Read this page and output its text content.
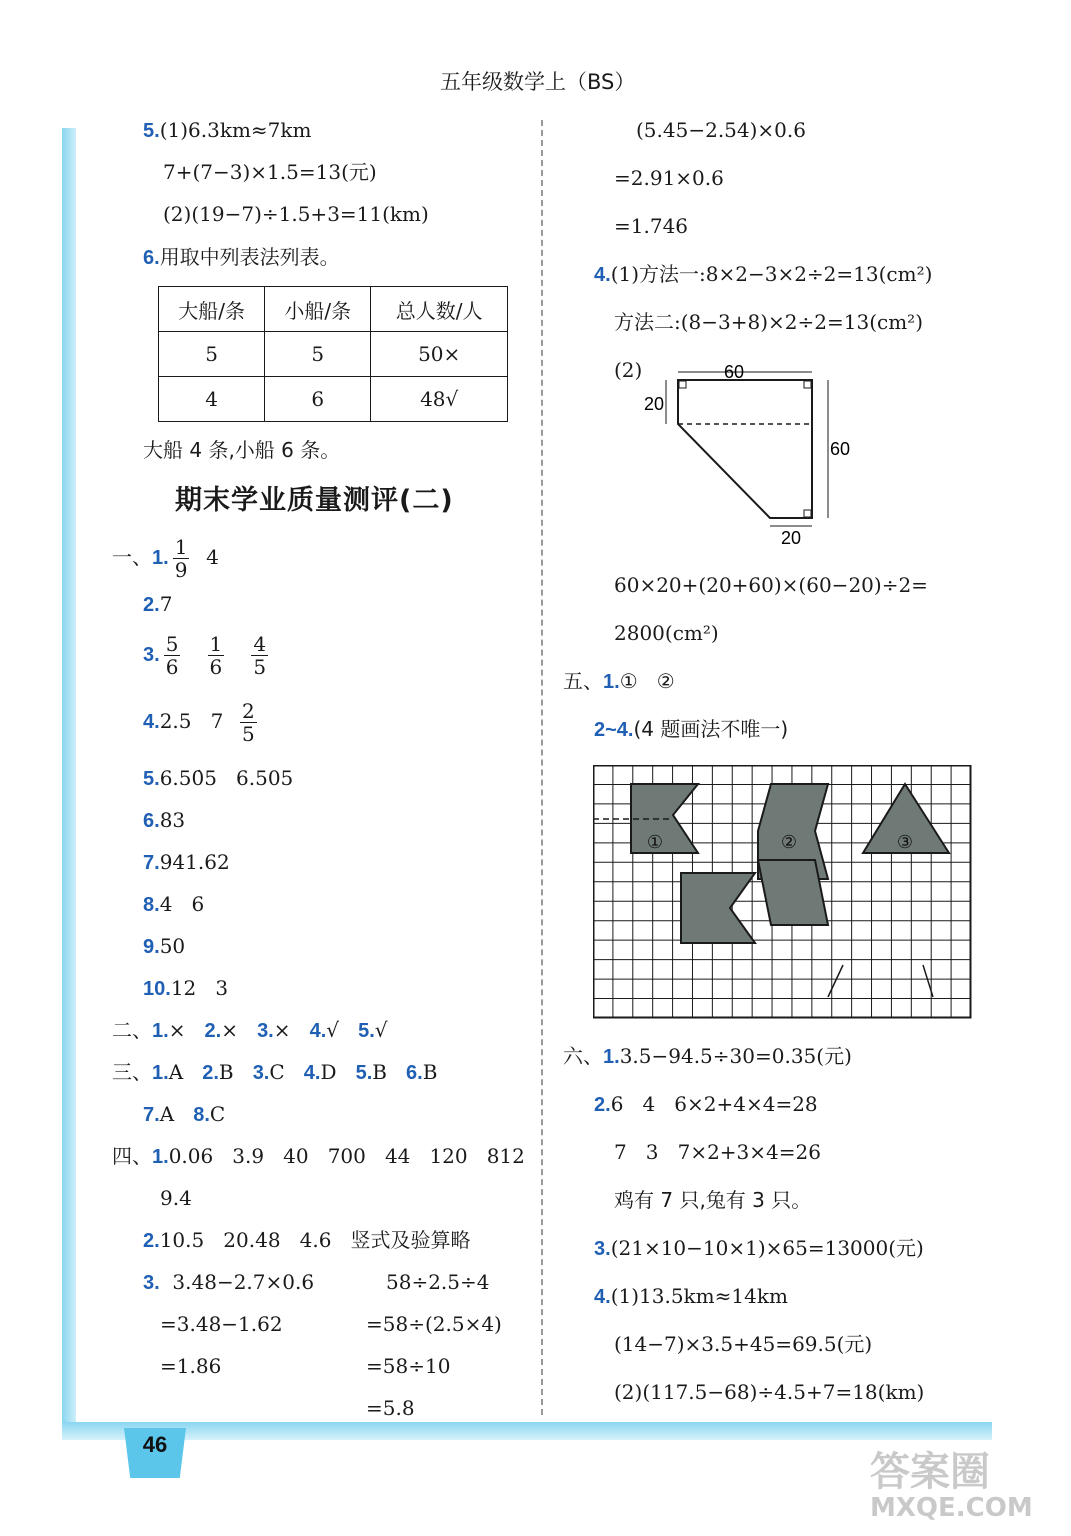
46
五年级数学上（BS）
5.(1)6.3km≈7km
7+(7−3)×1.5=13(元)
(2)(19−7)÷1.5+3=11(km)
6.用取中列表法列表。
大船/条	小船/条	总人数/人
5	5	50×
4	6	48√
大船 4 条,小船 6 条。
期末学业质量测评(二)
一、1. $\frac{1}{9} 4$
2.7
3. $\frac{5}{6}$
$\frac{1}{6}$
$\frac{4}{5}$
4.2.5   $7 \frac{2}{5}$
5.6.50̇5   6.505
6.83
7.941.62
8.4   6
9.50
10.12   3
二、1.× 2.× 3.× 4.√ 5.√
三、1.A 2.B 3.C 4.D 5.B 6.B
7.A 8.C
四、1.0.06   3.9   40   700   44   120   812
9.4
2.10.5   20.4̇8   4.6   竖式及验算略
3. 3.48−2.7×0.6	58÷2.5÷4
=3.48−1.62	=58÷(2.5×4)
=1.86	=58÷10
=5.8
(5.45−2.54)×0.6
=2.91×0.6
=1.746
4.(1)方法一:8×2−3×2÷2=13(cm²)
方法二:(8−3+8)×2÷2=13(cm²)
(2)	60
20
60
20
60×20+(20+60)×(60−20)÷2=
2800(cm²)
五、1.①   ②
2~4.(4 题画法不唯一)
①	②	③
六、1.3.5−94.5÷30=0.35(元)
2.6   4   6×2+4×4=28
7   3   7×2+3×4=26
鸡有 7 只,兔有 3 只。
3.(21×10−10×1)×65=13000(元)
4.(1)13.5km≈14km
(14−7)×3.5+45=69.5(元)
(2)(117.5−68)÷4.5+7=18(km)
答案圈
MXQE.COM
